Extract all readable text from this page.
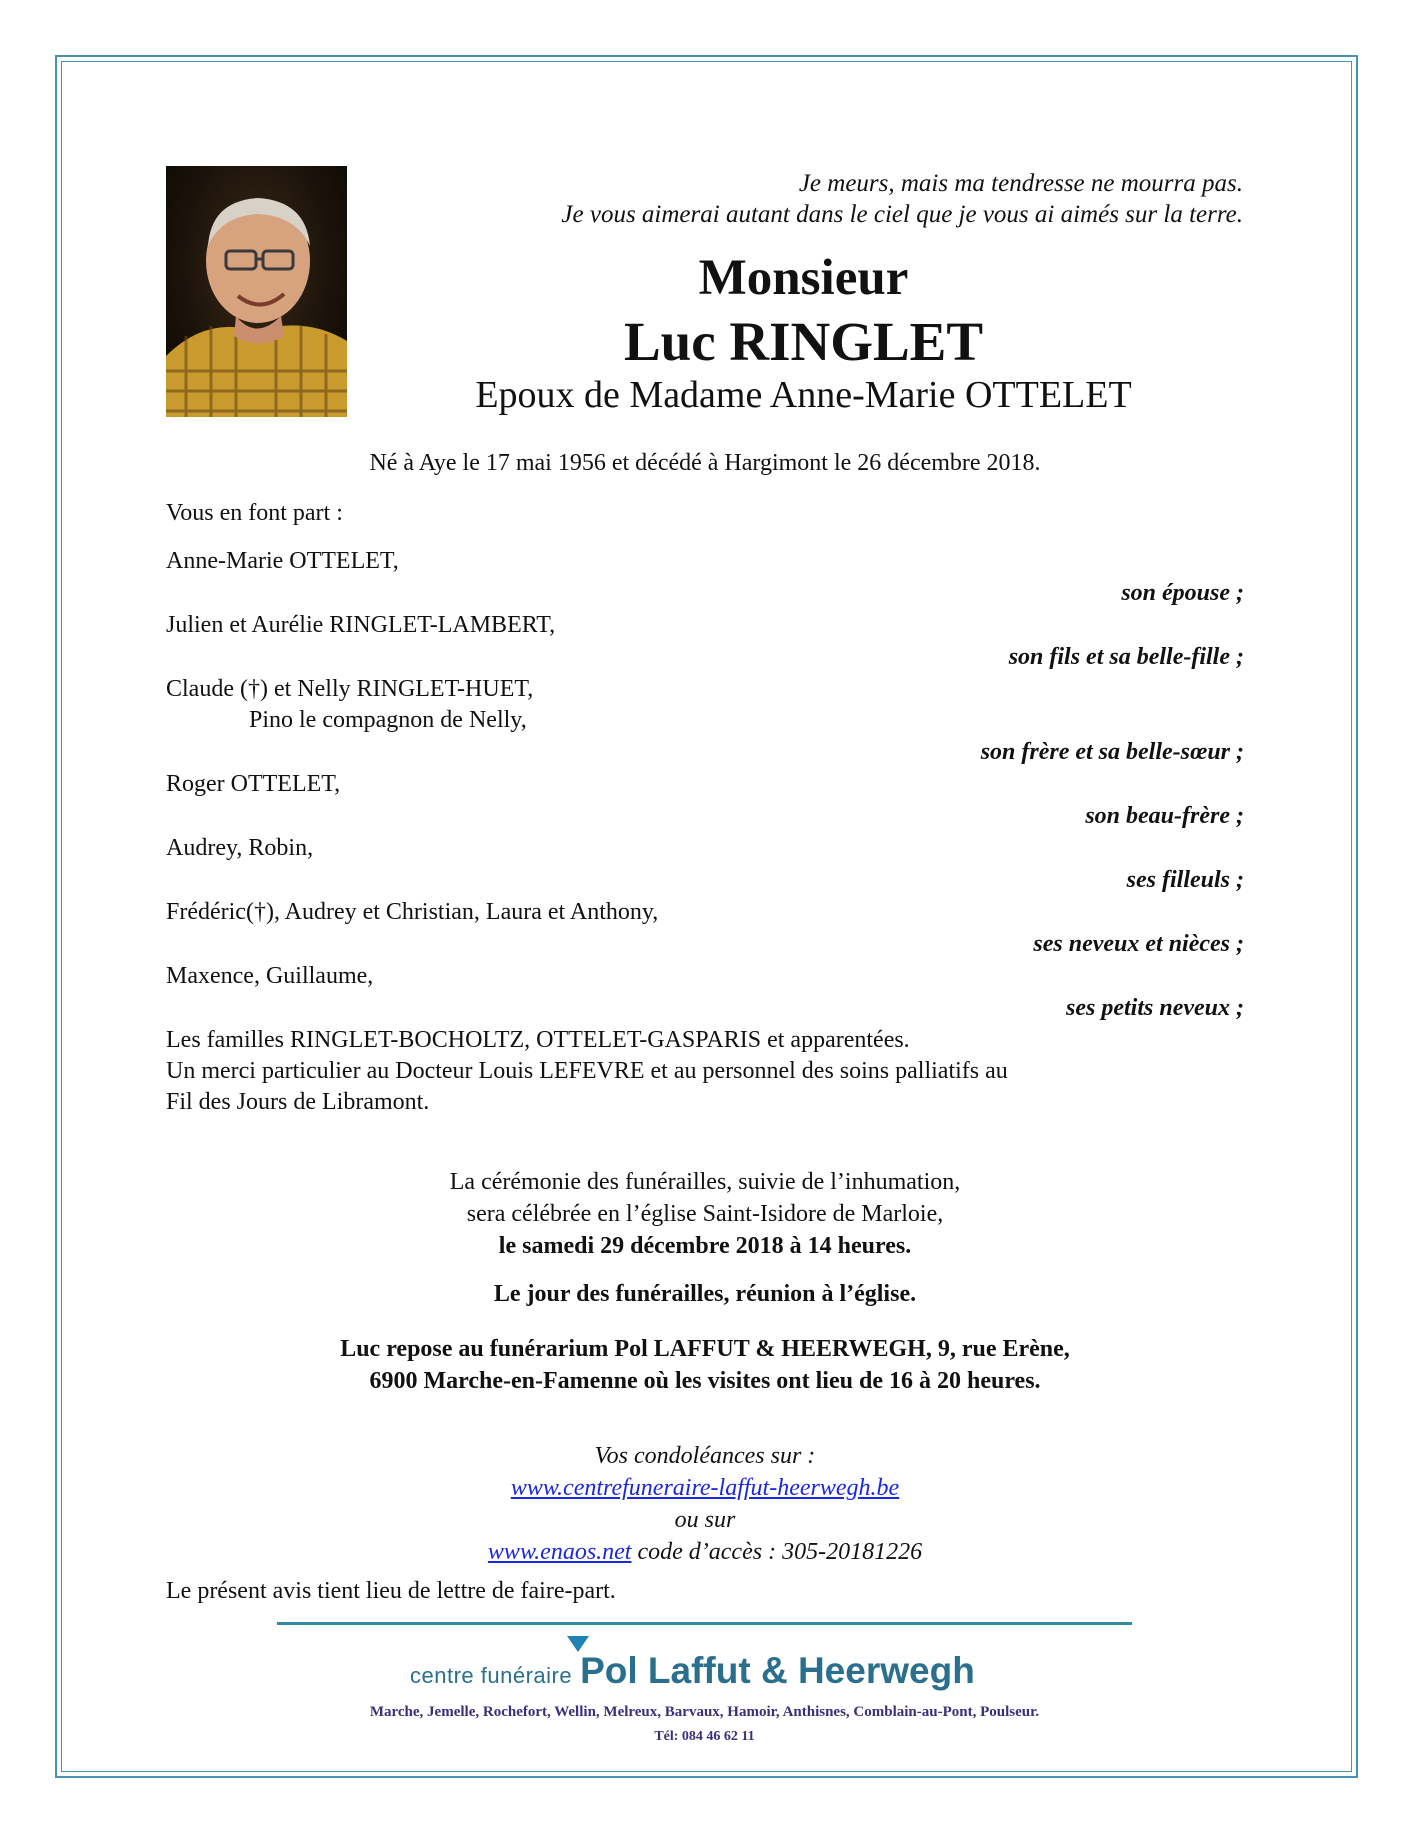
Je meurs, mais ma tendresse ne mourra pas.
Je vous aimerai autant dans le ciel que je vous ai aimés sur la terre.
Monsieur
Luc RINGLET
Epoux de Madame Anne-Marie OTTELET
Né à Aye le 17 mai 1956 et décédé à Hargimont le 26 décembre 2018.
Vous en font part :
Anne-Marie OTTELET,
son épouse ;
Julien et Aurélie RINGLET-LAMBERT,
son fils et sa belle-fille ;
Claude (†) et Nelly RINGLET-HUET,
Pino le compagnon de Nelly,
son frère et sa belle-sœur ;
Roger OTTELET,
son beau-frère ;
Audrey, Robin,
ses filleuls ;
Frédéric(†), Audrey et Christian, Laura et Anthony,
ses neveux et nièces ;
Maxence, Guillaume,
ses petits neveux ;
Les familles RINGLET-BOCHOLTZ, OTTELET-GASPARIS et apparentées.
Un merci particulier au Docteur Louis LEFEVRE et au personnel des soins palliatifs au
Fil des Jours de Libramont.
La cérémonie des funérailles, suivie de l’inhumation,
sera célébrée en l’église Saint-Isidore de Marloie,
le samedi 29 décembre 2018 à 14 heures.
Le jour des funérailles, réunion à l’église.
Luc repose au funérarium Pol LAFFUT & HEERWEGH, 9, rue Erène,
6900 Marche-en-Famenne où les visites ont lieu de 16 à 20 heures.
Vos condoléances sur :
www.centrefuneraire-laffut-heerwegh.be
ou sur
www.enaos.net code d’accès : 305-20181226
Le présent avis tient lieu de lettre de faire-part.
centre funéraire Pol Laffut & Heerwegh
Marche, Jemelle, Rochefort, Wellin, Melreux, Barvaux, Hamoir, Anthisnes, Comblain-au-Pont, Poulseur.
Tél: 084 46 62 11
